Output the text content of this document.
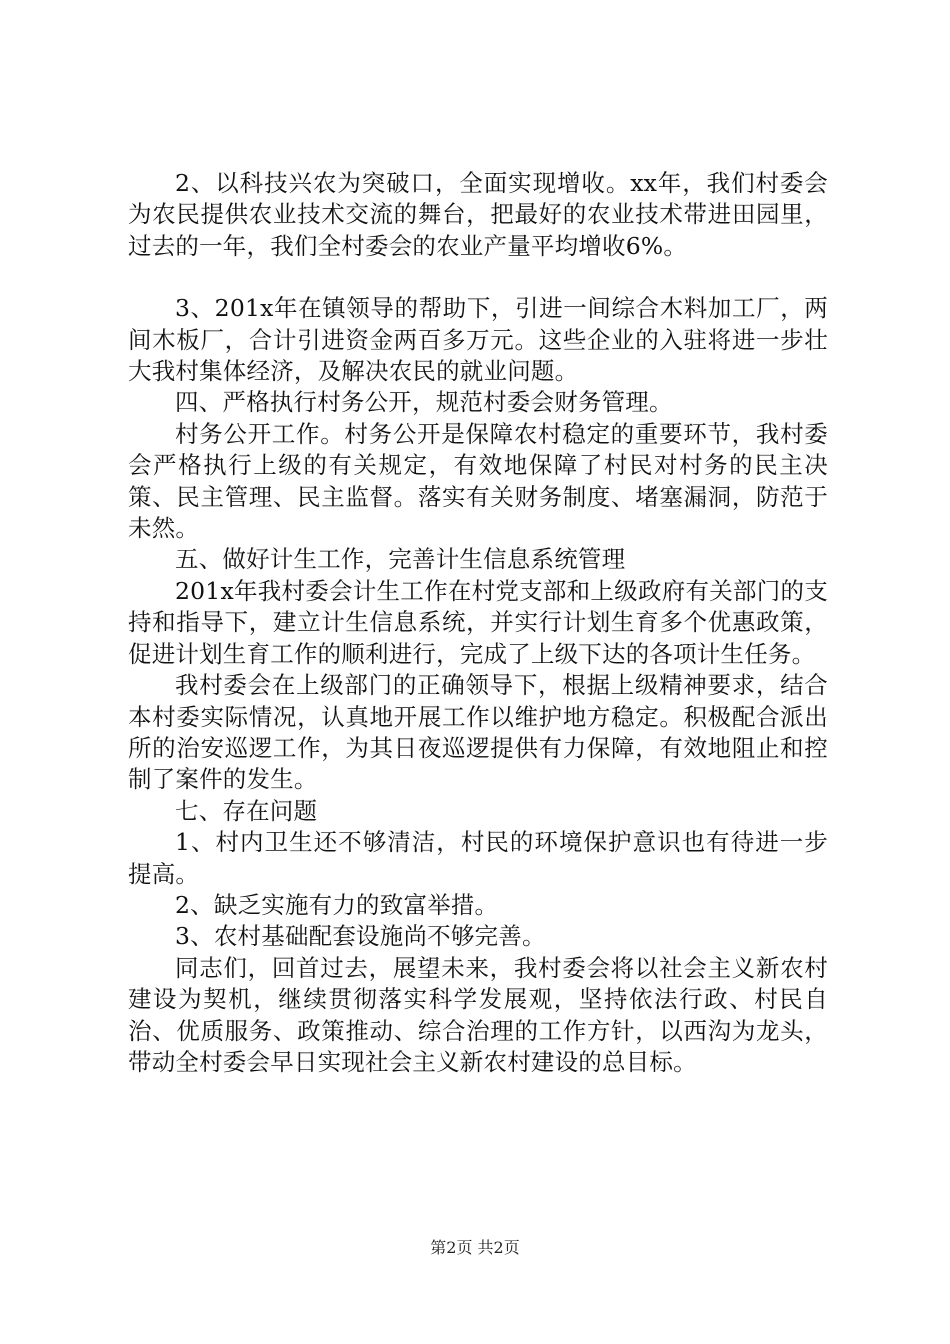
2、以科技兴农为突破口，全面实现增收。xx年，我们村委会为农民提供农业技术交流的舞台，把最好的农业技术带进田园里，过去的一年，我们全村委会的农业产量平均增收6%。

3、201x年在镇领导的帮助下，引进一间综合木料加工厂，两间木板厂，合计引进资金两百多万元。这些企业的入驻将进一步壮大我村集体经济，及解决农民的就业问题。

四、严格执行村务公开，规范村委会财务管理。

村务公开工作。村务公开是保障农村稳定的重要环节，我村委会严格执行上级的有关规定，有效地保障了村民对村务的民主决策、民主管理、民主监督。落实有关财务制度、堵塞漏洞，防范于未然。

五、做好计生工作，完善计生信息系统管理

201x年我村委会计生工作在村党支部和上级政府有关部门的支持和指导下，建立计生信息系统，并实行计划生育多个优惠政策，促进计划生育工作的顺利进行，完成了上级下达的各项计生任务。

我村委会在上级部门的正确领导下，根据上级精神要求，结合本村委实际情况，认真地开展工作以维护地方稳定。积极配合派出所的治安巡逻工作，为其日夜巡逻提供有力保障，有效地阻止和控制了案件的发生。

七、存在问题

1、村内卫生还不够清洁，村民的环境保护意识也有待进一步提高。

2、缺乏实施有力的致富举措。

3、农村基础配套设施尚不够完善。

同志们，回首过去，展望未来，我村委会将以社会主义新农村建设为契机，继续贯彻落实科学发展观，坚持依法行政、村民自治、优质服务、政策推动、综合治理的工作方针，以西沟为龙头，带动全村委会早日实现社会主义新农村建设的总目标。

第2页 共2页
